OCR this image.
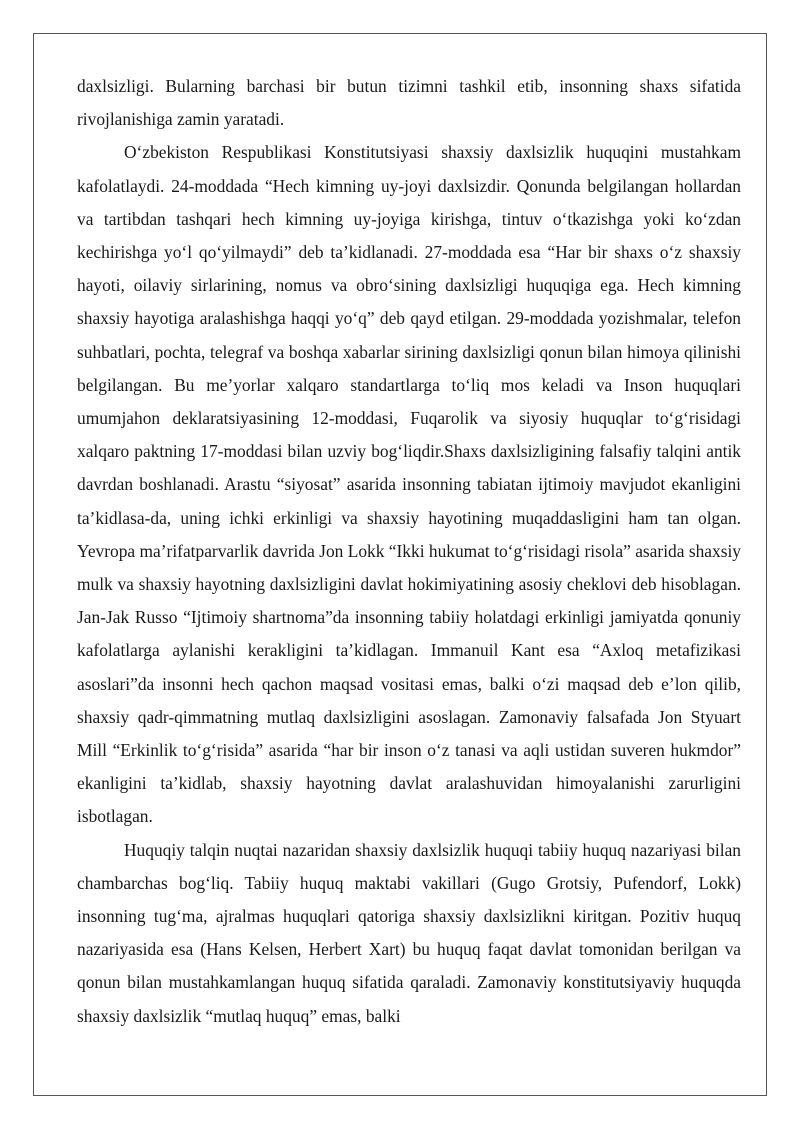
daxlsizligi. Bularning barchasi bir butun tizimni tashkil etib, insonning shaxs sifatida rivojlanishiga zamin yaratadi.

O‘zbekiston Respublikasi Konstitutsiyasi shaxsiy daxlsizlik huquqini mustahkam kafolatlaydi. 24-moddada “Hech kimning uy-joyi daxlsizdir. Qonunda belgilangan hollardan va tartibdan tashqari hech kimning uy-joyiga kirishga, tintuv o‘tkazishga yoki ko‘zdan kechirishga yo‘l qo‘yilmaydi” deb ta’kidlanadi. 27-moddada esa “Har bir shaxs o‘z shaxsiy hayoti, oilaviy sirlarining, nomus va obro‘sining daxlsizligi huquqiga ega. Hech kimning shaxsiy hayotiga aralashishga haqqi yo‘q” deb qayd etilgan. 29-moddada yozishmalar, telefon suhbatlari, pochta, telegraf va boshqa xabarlar sirining daxlsizligi qonun bilan himoya qilinishi belgilangan. Bu me’yorlar xalqaro standartlarga to‘liq mos keladi va Inson huquqlari umumjahon deklaratsiyasining 12-moddasi, Fuqarolik va siyosiy huquqlar to‘g‘risidagi xalqaro paktning 17-moddasi bilan uzviy bog‘liqdir.Shaxs daxlsizligining falsafiy talqini antik davrdan boshlanadi. Arastu “siyosat” asarida insonning tabiatan ijtimoiy mavjudot ekanligini ta’kidlasa-da, uning ichki erkinligi va shaxsiy hayotining muqaddasligini ham tan olgan. Yevropa ma’rifatparvarlik davrida Jon Lokk “Ikki hukumat to‘g‘risidagi risola” asarida shaxsiy mulk va shaxsiy hayotning daxlsizligini davlat hokimiyatining asosiy cheklovi deb hisoblagan. Jan-Jak Russo “Ijtimoiy shartnoma”da insonning tabiiy holatdagi erkinligi jamiyatda qonuniy kafolatlarga aylanishi kerakligini ta’kidlagan. Immanuil Kant esa “Axloq metafizikasi asoslari”da insonni hech qachon maqsad vositasi emas, balki o‘zi maqsad deb e’lon qilib, shaxsiy qadr-qimmatning mutlaq daxlsizligini asoslagan. Zamonaviy falsafada Jon Styuart Mill “Erkinlik to‘g‘risida” asarida “har bir inson o‘z tanasi va aqli ustidan suveren hukmdor” ekanligini ta’kidlab, shaxsiy hayotning davlat aralashuvidan himoyalanishi zarurligini isbotlagan.

Huquqiy talqin nuqtai nazaridan shaxsiy daxlsizlik huquqi tabiiy huquq nazariyasi bilan chambarchas bog‘liq. Tabiiy huquq maktabi vakillari (Gugo Grotsiy, Pufendorf, Lokk) insonning tug‘ma, ajralmas huquqlari qatoriga shaxsiy daxlsizlikni kiritgan. Pozitiv huquq nazariyasida esa (Hans Kelsen, Herbert Xart) bu huquq faqat davlat tomonidan berilgan va qonun bilan mustahkamlangan huquq sifatida qaraladi. Zamonaviy konstitutsiyaviy huquqda shaxsiy daxlsizlik “mutlaq huquq” emas, balki
